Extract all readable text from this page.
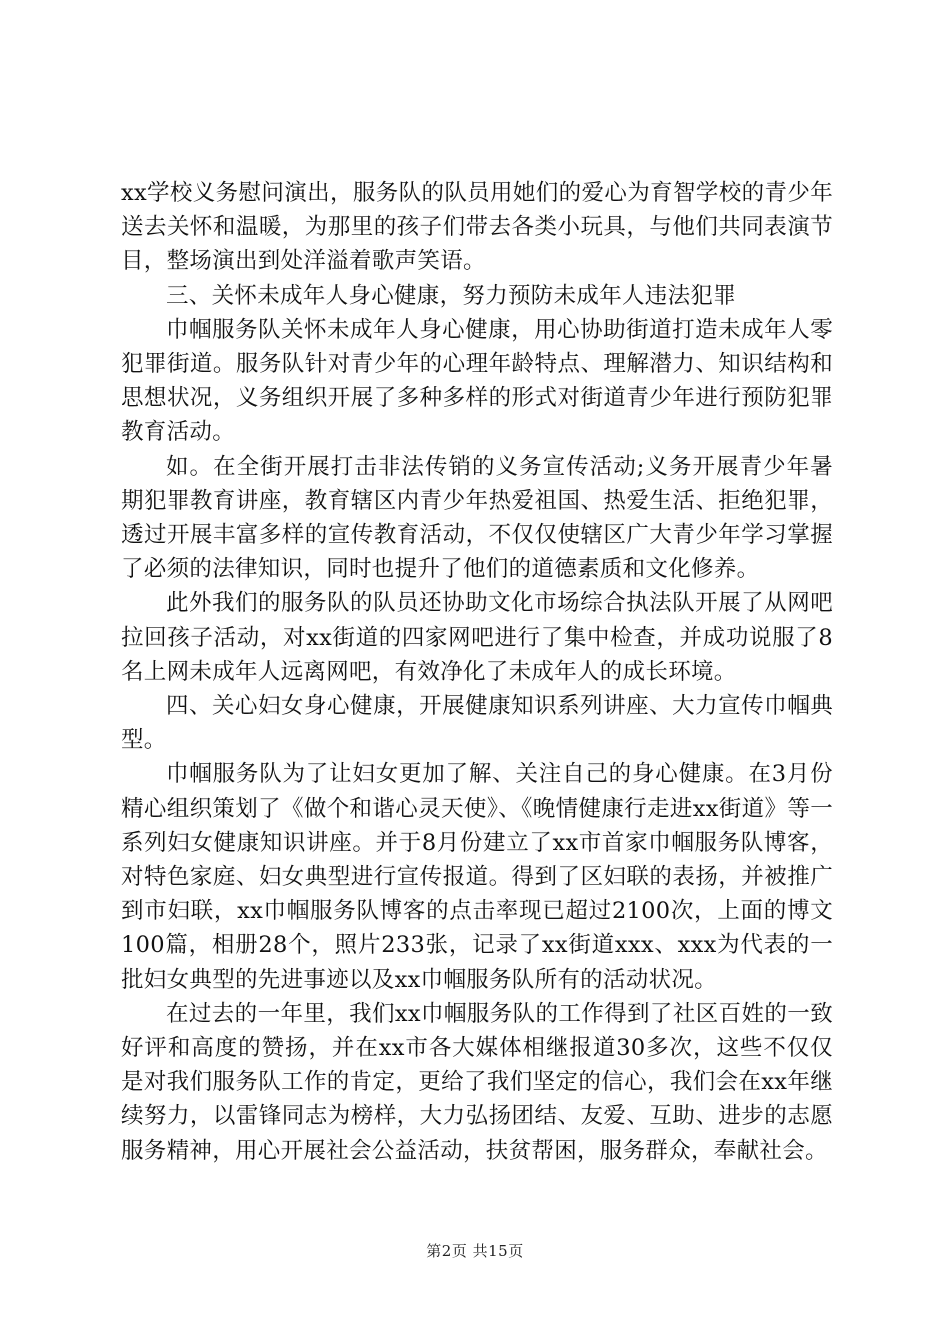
xx学校义务慰问演出，服务队的队员用她们的爱心为育智学校的青少年送去关怀和温暖，为那里的孩子们带去各类小玩具，与他们共同表演节目，整场演出到处洋溢着歌声笑语。

三、关怀未成年人身心健康，努力预防未成年人违法犯罪

巾帼服务队关怀未成年人身心健康，用心协助街道打造未成年人零犯罪街道。服务队针对青少年的心理年龄特点、理解潜力、知识结构和思想状况，义务组织开展了多种多样的形式对街道青少年进行预防犯罪教育活动。

如。在全街开展打击非法传销的义务宣传活动;义务开展青少年暑期犯罪教育讲座，教育辖区内青少年热爱祖国、热爱生活、拒绝犯罪，透过开展丰富多样的宣传教育活动，不仅仅使辖区广大青少年学习掌握了必须的法律知识，同时也提升了他们的道德素质和文化修养。

此外我们的服务队的队员还协助文化市场综合执法队开展了从网吧拉回孩子活动，对xx街道的四家网吧进行了集中检查，并成功说服了8名上网未成年人远离网吧，有效净化了未成年人的成长环境。

四、关心妇女身心健康，开展健康知识系列讲座、大力宣传巾帼典型。

巾帼服务队为了让妇女更加了解、关注自己的身心健康。在3月份精心组织策划了《做个和谐心灵天使》、《晚情健康行走进xx街道》等一系列妇女健康知识讲座。并于8月份建立了xx市首家巾帼服务队博客，对特色家庭、妇女典型进行宣传报道。得到了区妇联的表扬，并被推广到市妇联，xx巾帼服务队博客的点击率现已超过2100次，上面的博文100篇，相册28个，照片233张，记录了xx街道xxx、xxx为代表的一批妇女典型的先进事迹以及xx巾帼服务队所有的活动状况。

在过去的一年里，我们xx巾帼服务队的工作得到了社区百姓的一致好评和高度的赞扬，并在xx市各大媒体相继报道30多次，这些不仅仅是对我们服务队工作的肯定，更给了我们坚定的信心，我们会在xx年继续努力，以雷锋同志为榜样，大力弘扬团结、友爱、互助、进步的志愿服务精神，用心开展社会公益活动，扶贫帮困，服务群众，奉献社会。

第2页 共15页
